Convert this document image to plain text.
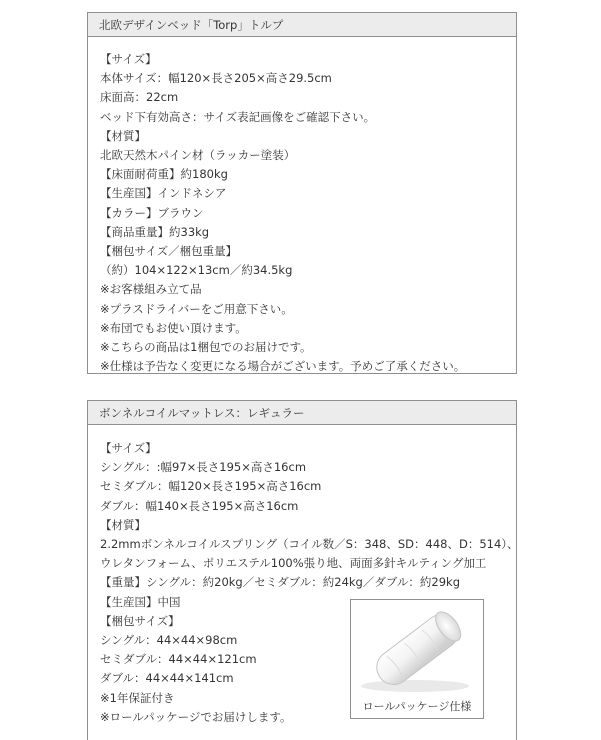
北欧デザインベッド「Torp」トルプ
【サイズ】
本体サイズ：幅120×長さ205×高さ29.5cm
床面高：22cm
ベッド下有効高さ：サイズ表記画像をご確認下さい。
【材質】
北欧天然木パイン材（ラッカー塗装）
【床面耐荷重】約180kg
【生産国】インドネシア
【カラー】ブラウン
【商品重量】約33kg
【梱包サイズ／梱包重量】
（約）104×122×13cm／約34.5kg
※お客様組み立て品
※プラスドライバーをご用意下さい。
※布団でもお使い頂けます。
※こちらの商品は1梱包でのお届けです。
※仕様は予告なく変更になる場合がございます。予めご了承ください。
ボンネルコイルマットレス：レギュラー
【サイズ】
シングル：:幅97×長さ195×高さ16cm
セミダブル：幅120×長さ195×高さ16cm
ダブル：幅140×長さ195×高さ16cm
【材質】
2.2mmボンネルコイルスプリング（コイル数／S：348、SD：448、D：514）、
ウレタンフォーム、ポリエステル100%張り地、両面多針キルティング加工
【重量】シングル：約20kg／セミダブル：約24kg／ダブル：約29kg
【生産国】中国
【梱包サイズ】
シングル：44×44×98cm
セミダブル：44×44×121cm
ダブル：44×44×141cm
※1年保証付き
※ロールパッケージでお届けします。
ロールパッケージ仕様
